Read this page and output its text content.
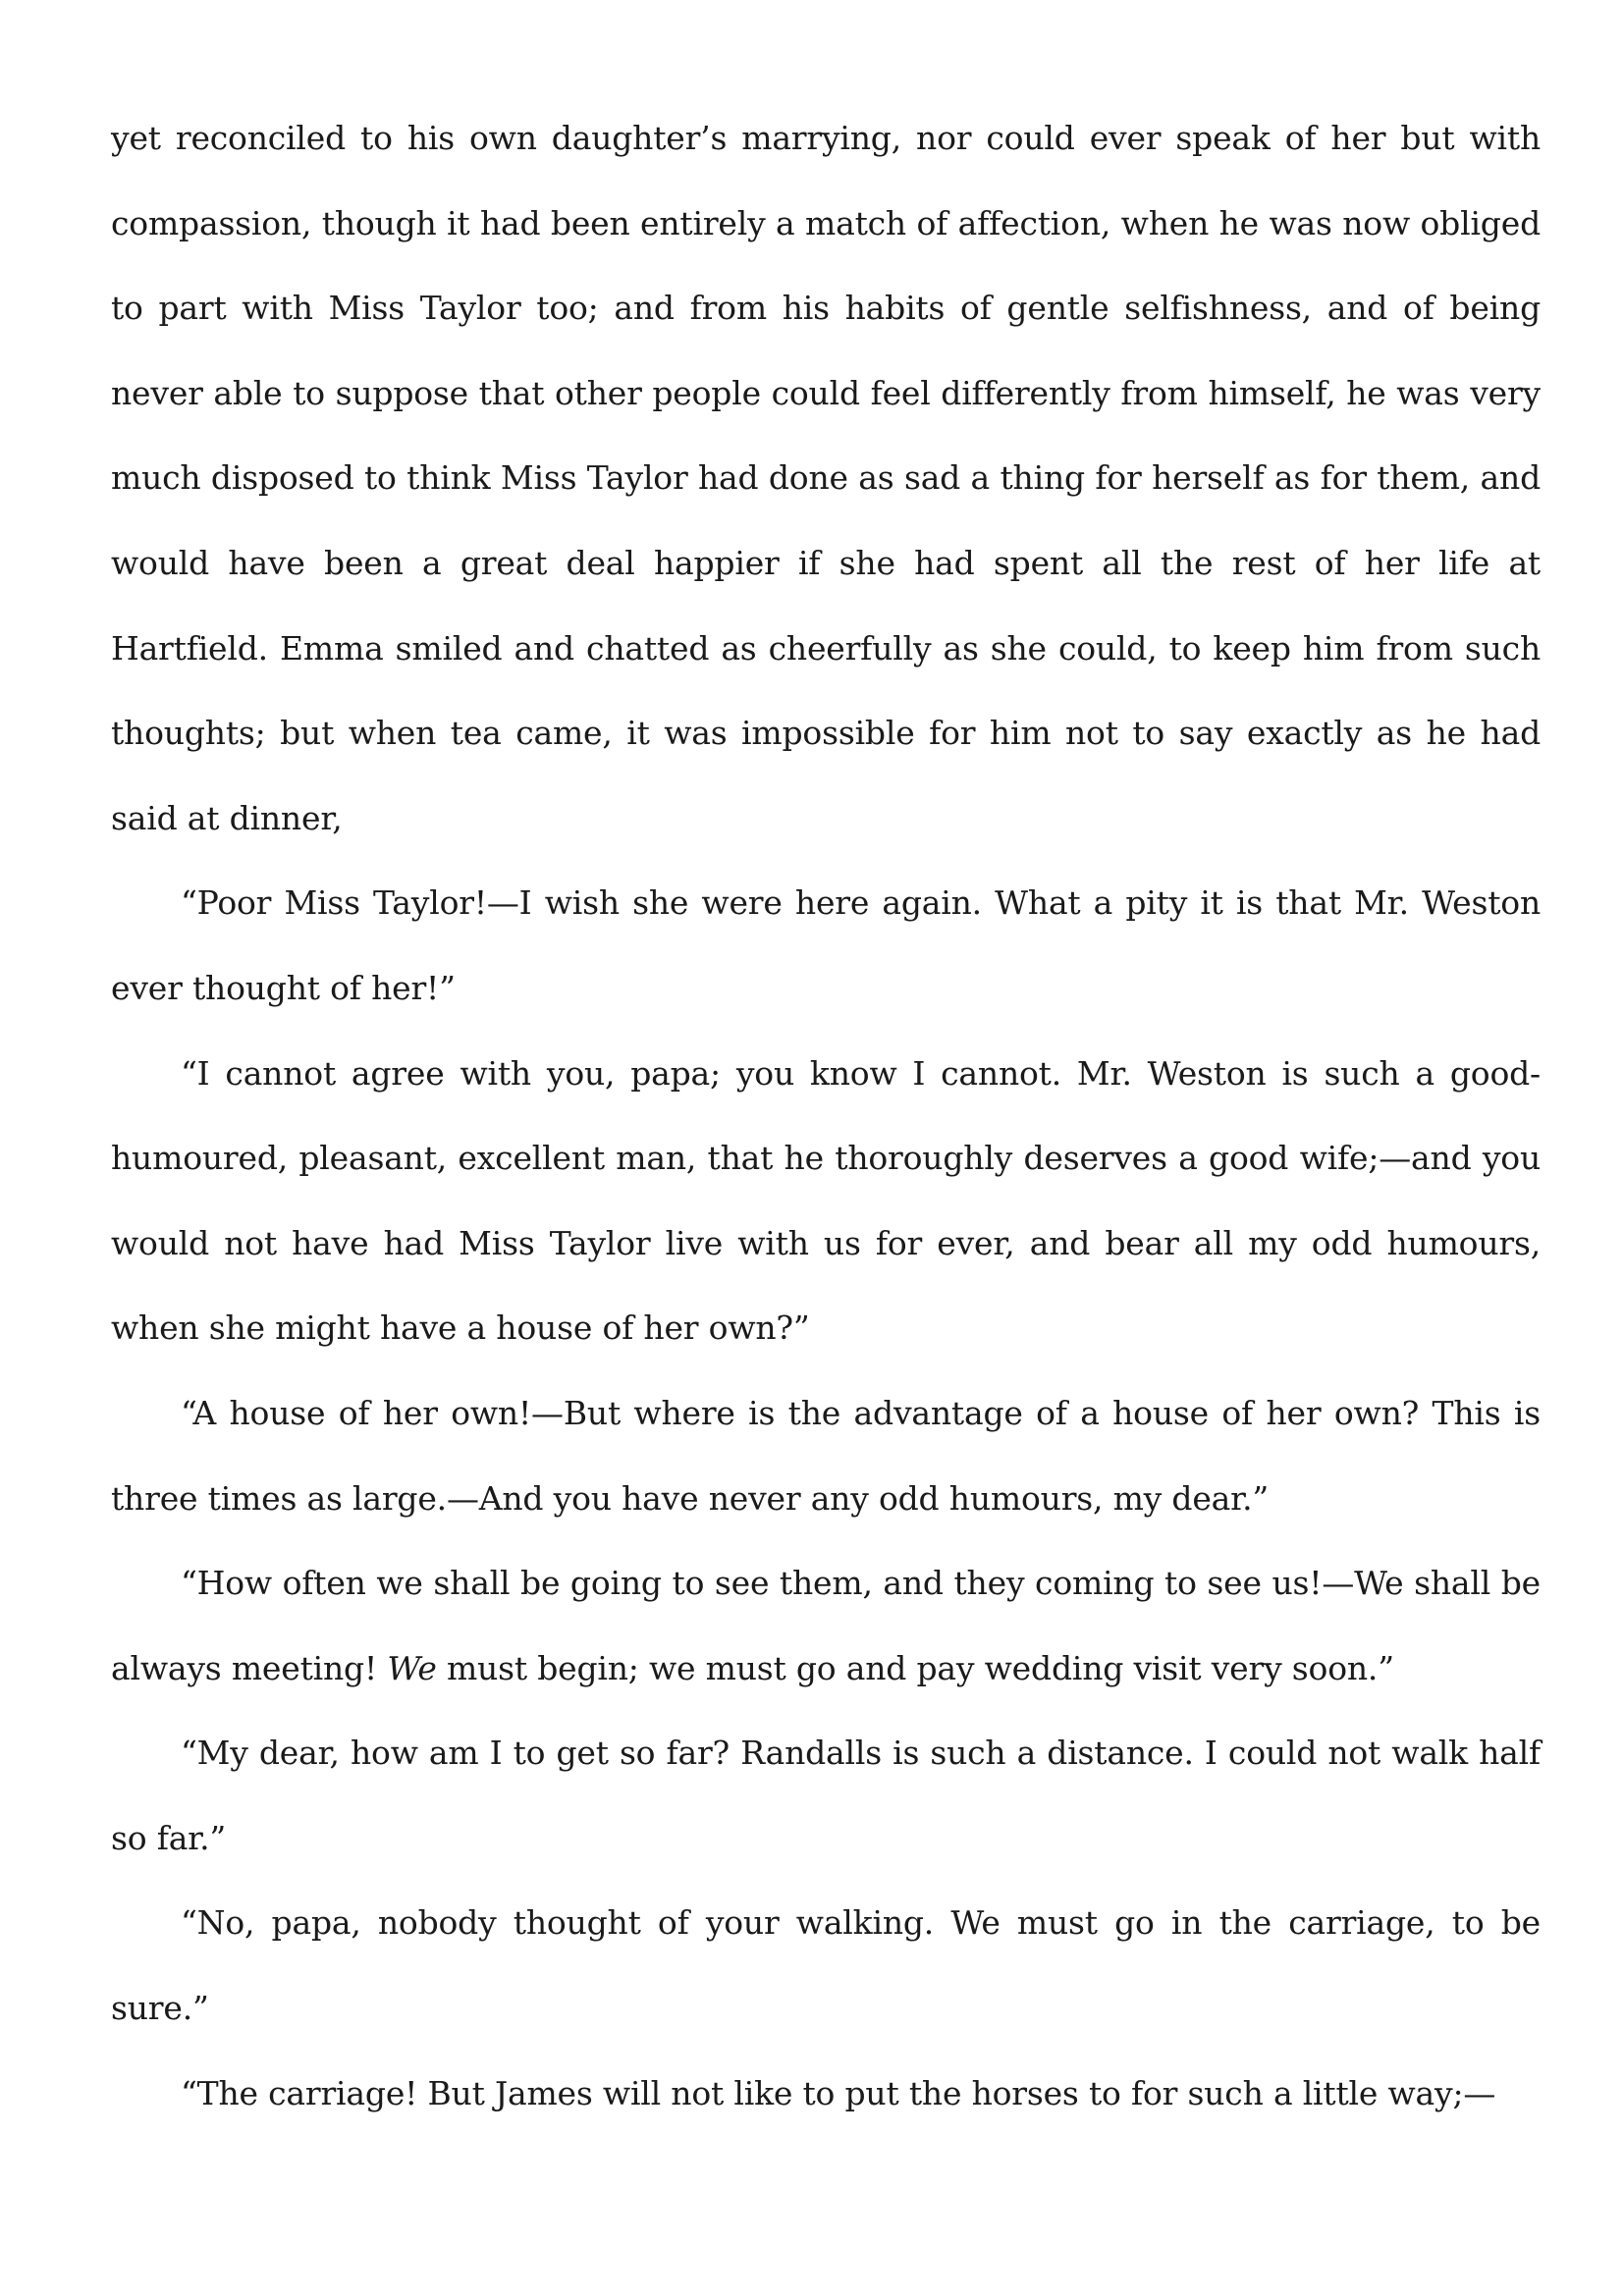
yet reconciled to his own daughter’s marrying, nor could ever speak of her but with compassion, though it had been entirely a match of affection, when he was now obliged to part with Miss Taylor too; and from his habits of gentle selfishness, and of being never able to suppose that other people could feel differently from himself, he was very much disposed to think Miss Taylor had done as sad a thing for herself as for them, and would have been a great deal happier if she had spent all the rest of her life at Hartfield. Emma smiled and chatted as cheerfully as she could, to keep him from such thoughts; but when tea came, it was impossible for him not to say exactly as he had said at dinner,

“Poor Miss Taylor!—I wish she were here again. What a pity it is that Mr. Weston ever thought of her!”

“I cannot agree with you, papa; you know I cannot. Mr. Weston is such a good-humoured, pleasant, excellent man, that he thoroughly deserves a good wife;—and you would not have had Miss Taylor live with us for ever, and bear all my odd humours, when she might have a house of her own?”

“A house of her own!—But where is the advantage of a house of her own? This is three times as large.—And you have never any odd humours, my dear.”

“How often we shall be going to see them, and they coming to see us!—We shall be always meeting! We must begin; we must go and pay wedding visit very soon.”

“My dear, how am I to get so far? Randalls is such a distance. I could not walk half so far.”

“No, papa, nobody thought of your walking. We must go in the carriage, to be sure.”

“The carriage! But James will not like to put the horses to for such a little way;—
